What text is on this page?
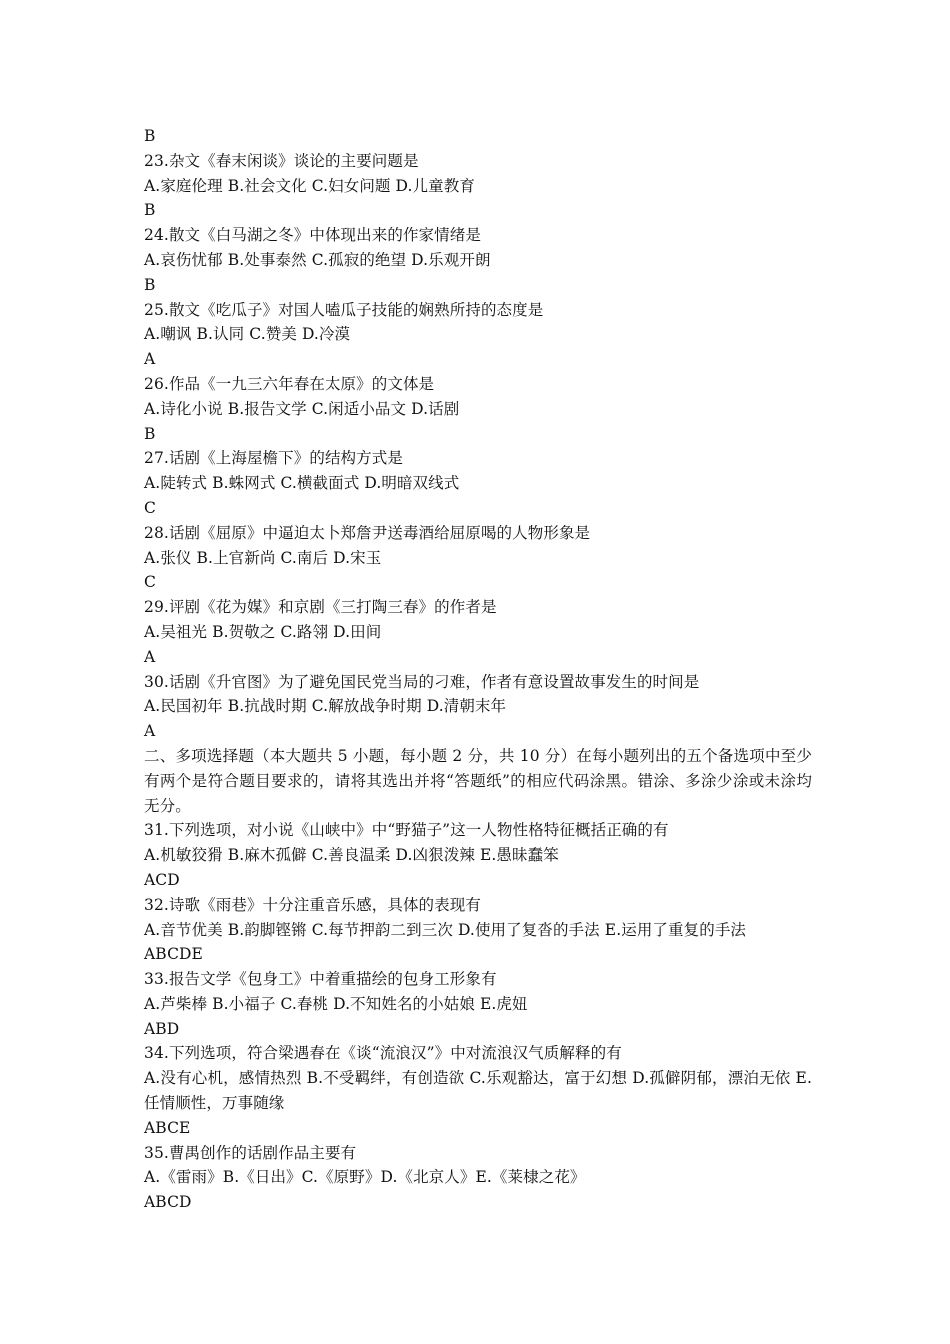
B
23.杂文《春末闲谈》谈论的主要问题是
A.家庭伦理 B.社会文化 C.妇女问题 D.儿童教育
B
24.散文《白马湖之冬》中体现出来的作家情绪是
A.哀伤忧郁 B.处事泰然 C.孤寂的绝望 D.乐观开朗
B
25.散文《吃瓜子》对国人嗑瓜子技能的娴熟所持的态度是
A.嘲讽 B.认同 C.赞美 D.冷漠
A
26.作品《一九三六年春在太原》的文体是
A.诗化小说 B.报告文学 C.闲适小品文 D.话剧
B
27.话剧《上海屋檐下》的结构方式是
A.陡转式 B.蛛网式 C.横截面式 D.明暗双线式
C
28.话剧《屈原》中逼迫太卜郑詹尹送毒酒给屈原喝的人物形象是
A.张仪 B.上官新尚 C.南后 D.宋玉
C
29.评剧《花为媒》和京剧《三打陶三春》的作者是
A.吴祖光 B.贺敬之 C.路翎 D.田间
A
30.话剧《升官图》为了避免国民党当局的刁难，作者有意设置故事发生的时间是
A.民国初年 B.抗战时期 C.解放战争时期 D.清朝末年
A
二、多项选择题（本大题共 5 小题，每小题 2 分，共 10 分）在每小题列出的五个备选项中至少有两个是符合题目要求的，请将其选出并将“答题纸”的相应代码涂黑。错涂、多涂少涂或未涂均无分。
31.下列选项，对小说《山峡中》中“野猫子”这一人物性格特征概括正确的有
A.机敏狡猾 B.麻木孤僻 C.善良温柔 D.凶狠泼辣 E.愚昧蠢笨
ACD
32.诗歌《雨巷》十分注重音乐感，具体的表现有
A.音节优美 B.韵脚铿锵 C.每节押韵二到三次 D.使用了复沓的手法 E.运用了重复的手法
ABCDE
33.报告文学《包身工》中着重描绘的包身工形象有
A.芦柴棒 B.小福子 C.春桃 D.不知姓名的小姑娘 E.虎妞
ABD
34.下列选项，符合梁遇春在《谈“流浪汉”》中对流浪汉气质解释的有
A.没有心机，感情热烈 B.不受羁绊，有创造欲 C.乐观豁达，富于幻想 D.孤僻阴郁，漂泊无依 E.任情顺性，万事随缘
ABCE
35.曹禺创作的话剧作品主要有
A.《雷雨》B.《日出》C.《原野》D.《北京人》E.《莱棣之花》
ABCD
